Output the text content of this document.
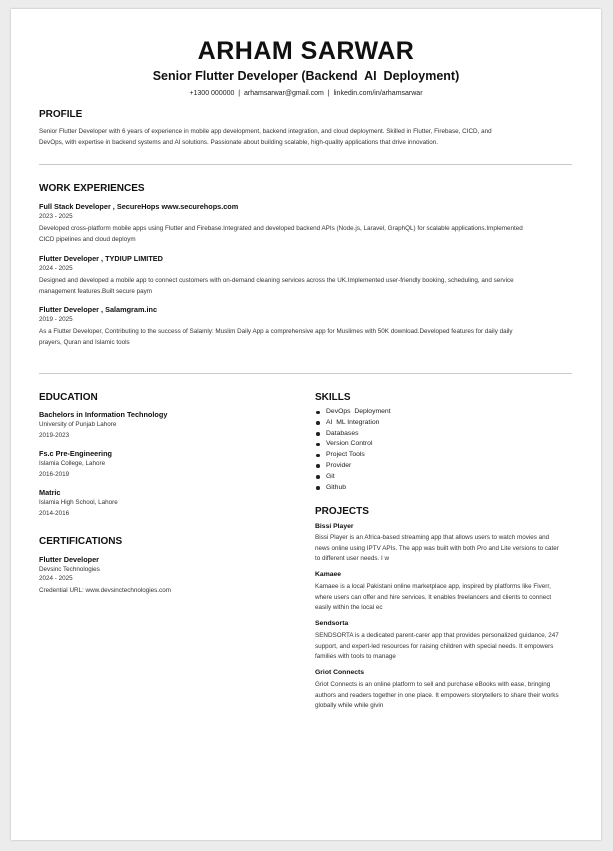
ARHAM SARWAR
Senior Flutter Developer (Backend  AI  Deployment)
+1300 000000  |  arhamsarwar@gmail.com  |  linkedin.com/in/arhamsarwar
PROFILE
Senior Flutter Developer with 6 years of experience in mobile app development, backend integration, and cloud deployment. Skilled in Flutter, Firebase, CICD, and
DevOps, with expertise in backend systems and AI solutions. Passionate about building scalable, high-quality applications that drive innovation.
WORK EXPERIENCES
Full Stack Developer , SecureHops www.securehops.com
2023 - 2025
Developed cross-platform mobile apps using Flutter and Firebase.Integrated and developed backend APIs (Node.js, Laravel, GraphQL) for scalable applications.Implemented
CICD pipelines and cloud deploym
Flutter Developer , TYDIUP LIMITED
2024 - 2025
Designed and developed a mobile app to connect customers with on-demand cleaning services across the UK.Implemented user-friendly booking, scheduling, and service
management features.Built secure paym
Flutter Developer , Salamgram.inc
2019 - 2025
As a Flutter Developer, Contributing to the success of Salamly: Muslim Daily App a comprehensive app for Muslimes with 50K download.Developed features for daily daily
prayers, Quran and Islamic tools
EDUCATION
Bachelors in Information Technology
University of Punjab Lahore
2019-2023
Fs.c Pre-Engineering
Islamia College, Lahore
2016-2019
Matric
Islamia High School, Lahore
2014-2016
CERTIFICATIONS
Flutter Developer
Devsinc Technologies
2024 - 2025
Credential URL: www.devsinctechnologies.com
SKILLS
DevOps  Deployment
AI  ML Integration
Databases
Version Control
Project Tools
Provider
Git
Github
PROJECTS
Bissi Player
Bissi Player is an Africa-based streaming app that allows users to watch movies and
news online using IPTV APIs. The app was built with both Pro and Lite versions to cater
to different user needs. I w
Kamaee
Kamaee is a local Pakistani online marketplace app, inspired by platforms like Fiverr,
where users can offer and hire services. It enables freelancers and clients to connect
easily within the local ec
Sendsorta
SENDSORTA is a dedicated parent-carer app that provides personalized guidance, 247
support, and expert-led resources for raising children with special needs. It empowers
families with tools to manage
Griot Connects
Griot Connects is an online platform to sell and purchase eBooks with ease, bringing
authors and readers together in one place. It empowers storytellers to share their works
globally while while givin
